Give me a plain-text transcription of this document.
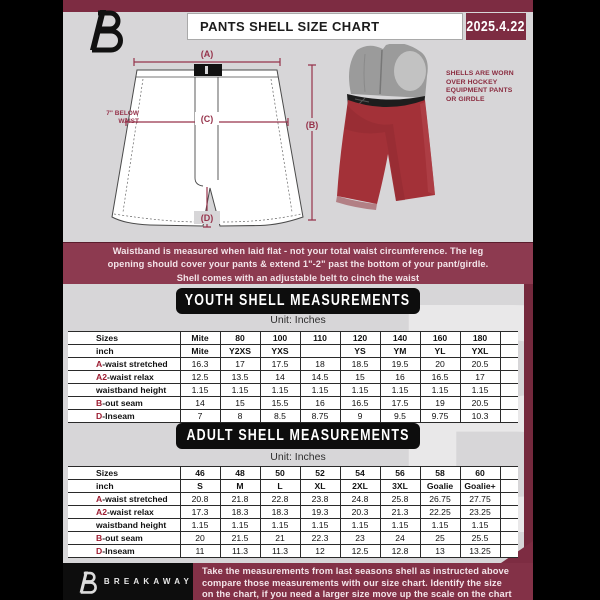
PANTS SHELL SIZE CHART	2025.4.22
(A)
(C)
(B)
(D)
7" BELOW
WAIST
SHELLS ARE WORN
OVER HOCKEY
EQUIPMENT PANTS
OR GIRDLE
Waistband is measured when laid flat - not your total waist circumference. The leg
opening should cover your pants & extend 1"-2" past the bottom of your pant/girdle.
Shell comes with an adjustable belt to cinch the waist
YOUTH SHELL MEASUREMENTS
Unit: Inches
Sizes	Mite	80	100	110	120	140	160	180	
inch	Mite	Y2XS	YXS		YS	YM	YL	YXL	
A-waist stretched	16.3	17	17.5	18	18.5	19.5	20	20.5	
A2-waist relax	12.5	13.5	14	14.5	15	16	16.5	17	
waistband height	1.15	1.15	1.15	1.15	1.15	1.15	1.15	1.15	
B-out seam	14	15	15.5	16	16.5	17.5	19	20.5	
D-Inseam	7	8	8.5	8.75	9	9.5	9.75	10.3	
ADULT SHELL MEASUREMENTS
Unit: Inches
Sizes	46	48	50	52	54	56	58	60	
inch	S	M	L	XL	2XL	3XL	Goalie	Goalie+	
A-waist stretched	20.8	21.8	22.8	23.8	24.8	25.8	26.75	27.75	
A2-waist relax	17.3	18.3	18.3	19.3	20.3	21.3	22.25	23.25	
waistband height	1.15	1.15	1.15	1.15	1.15	1.15	1.15	1.15	
B-out seam	20	21.5	21	22.3	23	24	25	25.5	
D-Inseam	11	11.3	11.3	12	12.5	12.8	13	13.25	
BREAKAWAY
Take the measurements from last seasons shell as instructed above
compare those measurements with our size chart. Identify the size
on the chart, if you need a larger size move up the scale on the chart
